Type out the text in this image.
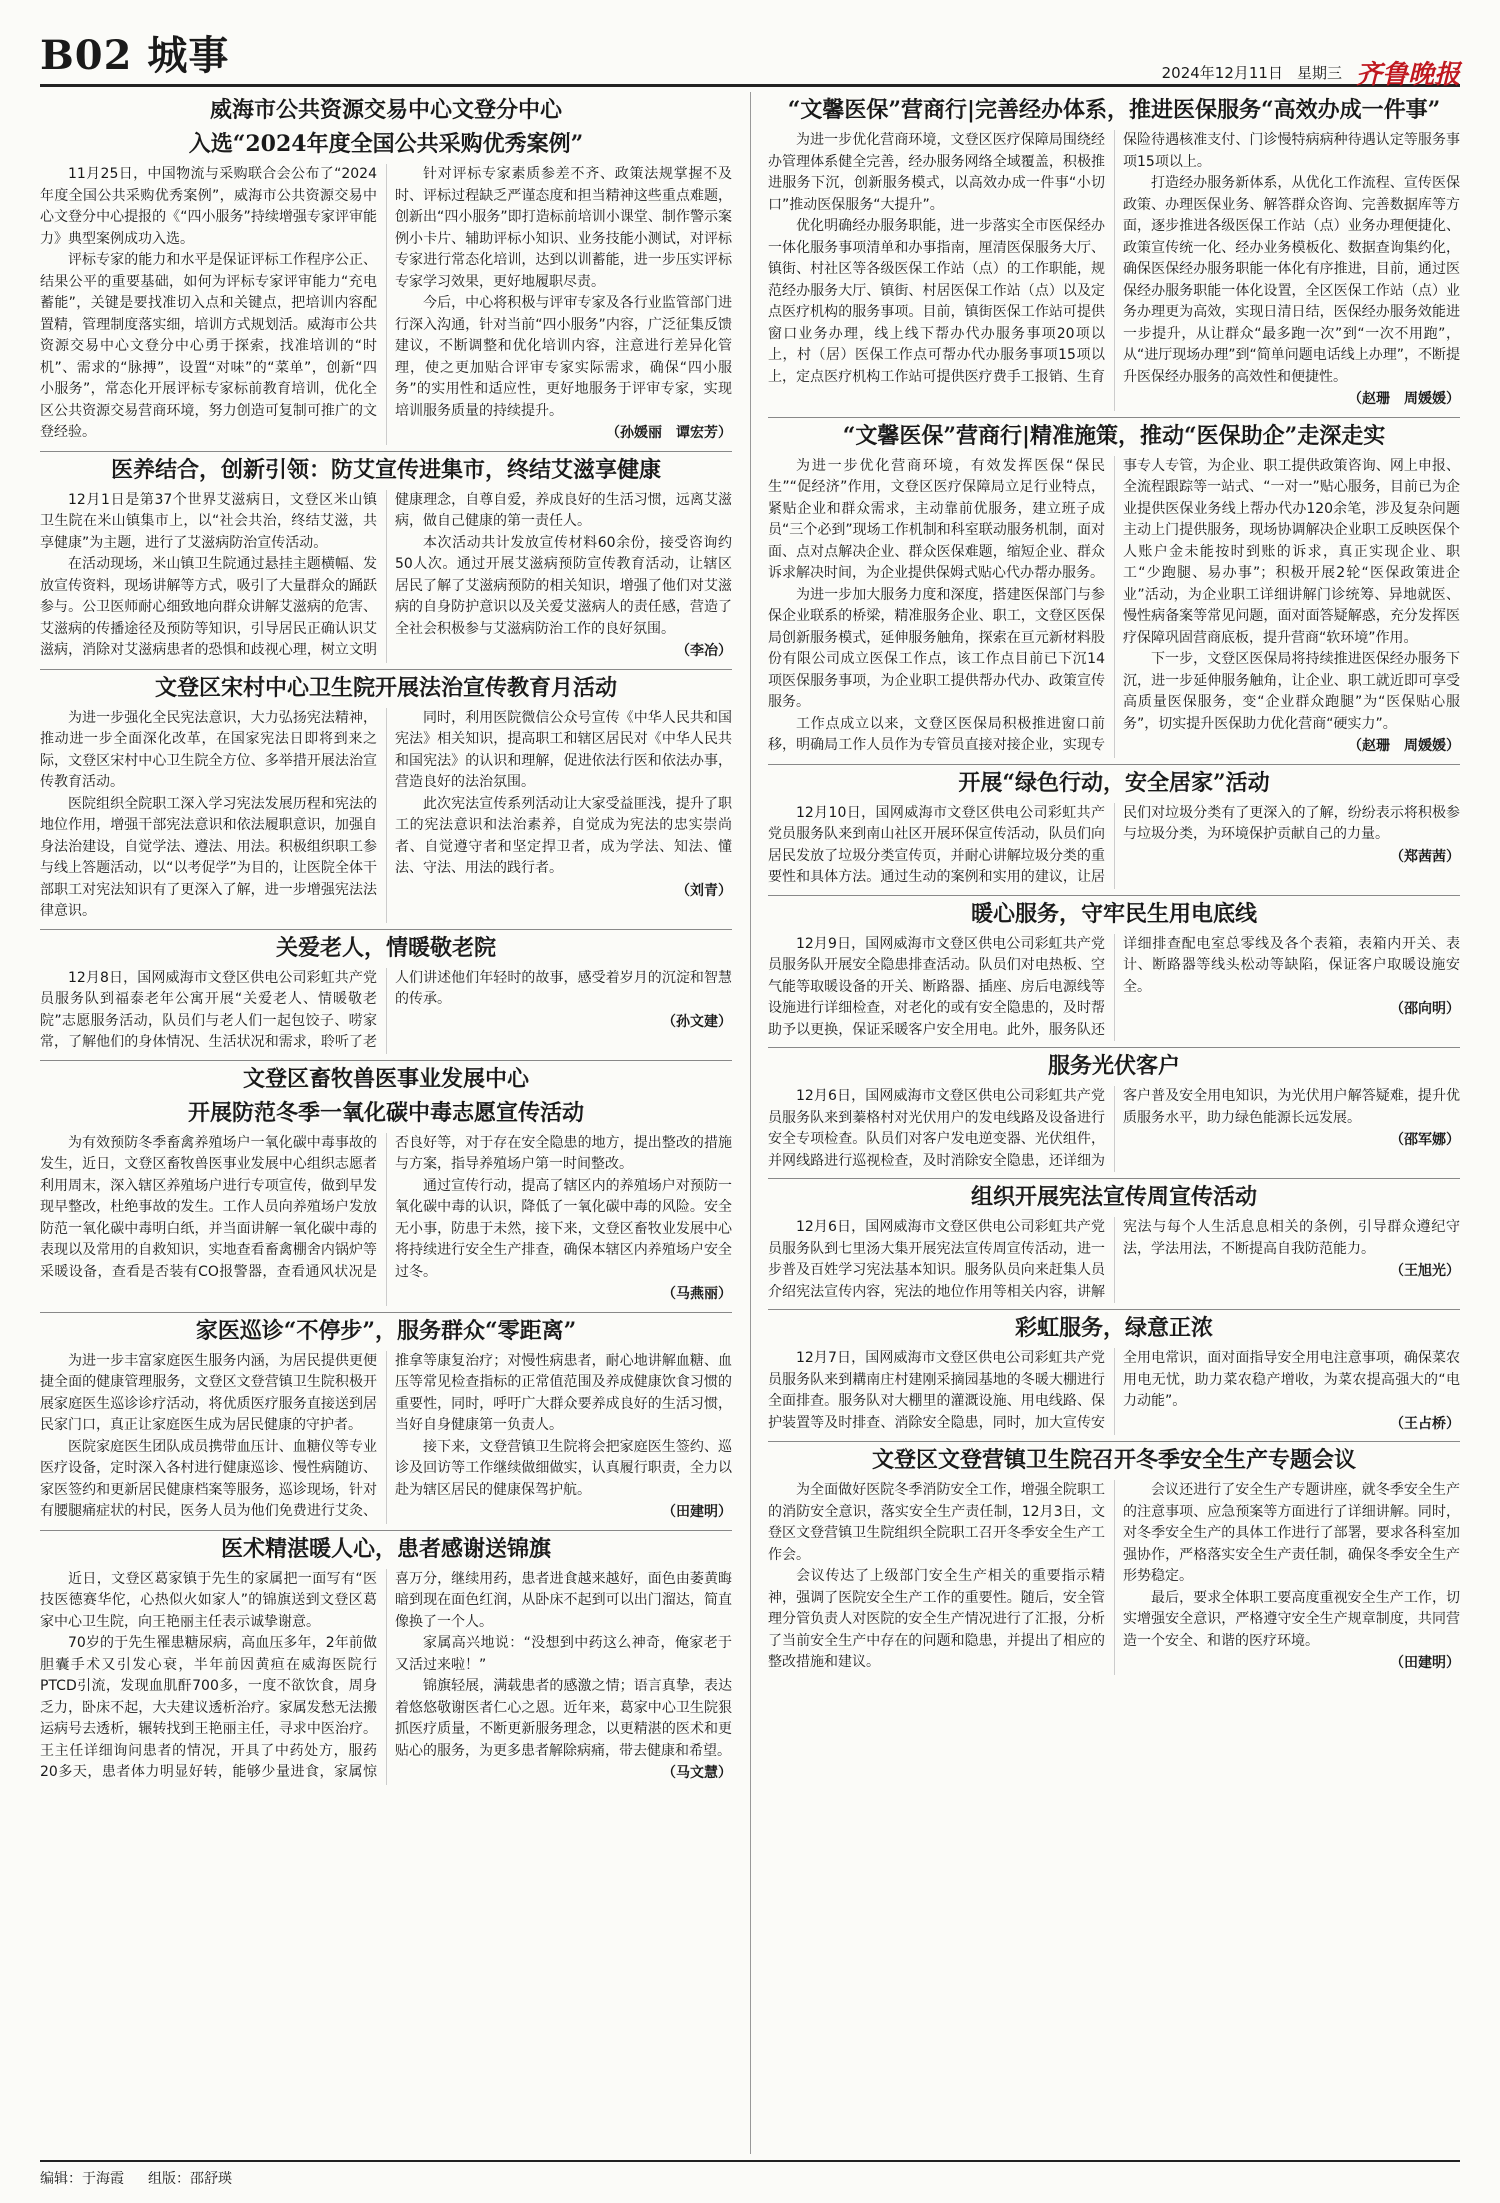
B02 城事	2024年12月11日 星期三 齐鲁晚报
威海市公共资源交易中心文登分中心
入选“2024年度全国公共采购优秀案例”

11月25日，中国物流与采购联合会公布了“2024年度全国公共采购优秀案例”，威海市公共资源交易中心文登分中心提报的《“四小服务”持续增强专家评审能力》典型案例成功入选。

评标专家的能力和水平是保证评标工作程序公正、结果公平的重要基础，如何为评标专家评审能力“充电蓄能”，关键是要找准切入点和关键点，把培训内容配置精，管理制度落实细，培训方式规划活。威海市公共资源交易中心文登分中心勇于探索，找准培训的“时机”、需求的“脉搏”，设置“对味”的“菜单”，创新“四小服务”，常态化开展评标专家标前教育培训，优化全区公共资源交易营商环境，努力创造可复制可推广的文登经验。

针对评标专家素质参差不齐、政策法规掌握不及时、评标过程缺乏严谨态度和担当精神这些重点难题，创新出“四小服务”即打造标前培训小课堂、制作警示案例小卡片、辅助评标小知识、业务技能小测试，对评标专家进行常态化培训，达到以训蓄能，进一步压实评标专家学习效果，更好地履职尽责。

今后，中心将积极与评审专家及各行业监管部门进行深入沟通，针对当前“四小服务”内容，广泛征集反馈建议，不断调整和优化培训内容，注意进行差异化管理，使之更加贴合评审专家实际需求，确保“四小服务”的实用性和适应性，更好地服务于评审专家，实现培训服务质量的持续提升。

（孙媛丽　谭宏芳）
医养结合，创新引领：防艾宣传进集市，终结艾滋享健康

12月1日是第37个世界艾滋病日，文登区米山镇卫生院在米山镇集市上，以“社会共治，终结艾滋，共享健康”为主题，进行了艾滋病防治宣传活动。

在活动现场，米山镇卫生院通过悬挂主题横幅、发放宣传资料，现场讲解等方式，吸引了大量群众的踊跃参与。公卫医师耐心细致地向群众讲解艾滋病的危害、艾滋病的传播途径及预防等知识，引导居民正确认识艾滋病，消除对艾滋病患者的恐惧和歧视心理，树立文明健康理念，自尊自爱，养成良好的生活习惯，远离艾滋病，做自己健康的第一责任人。

本次活动共计发放宣传材料60余份，接受咨询约50人次。通过开展艾滋病预防宣传教育活动，让辖区居民了解了艾滋病预防的相关知识，增强了他们对艾滋病的自身防护意识以及关爱艾滋病人的责任感，营造了全社会积极参与艾滋病防治工作的良好氛围。

（李冶）
文登区宋村中心卫生院开展法治宣传教育月活动

为进一步强化全民宪法意识，大力弘扬宪法精神，推动进一步全面深化改革，在国家宪法日即将到来之际，文登区宋村中心卫生院全方位、多举措开展法治宣传教育活动。

医院组织全院职工深入学习宪法发展历程和宪法的地位作用，增强干部宪法意识和依法履职意识，加强自身法治建设，自觉学法、遵法、用法。积极组织职工参与线上答题活动，以“以考促学”为目的，让医院全体干部职工对宪法知识有了更深入了解，进一步增强宪法法律意识。

同时，利用医院微信公众号宣传《中华人民共和国宪法》相关知识，提高职工和辖区居民对《中华人民共和国宪法》的认识和理解，促进依法行医和依法办事，营造良好的法治氛围。

此次宪法宣传系列活动让大家受益匪浅，提升了职工的宪法意识和法治素养，自觉成为宪法的忠实崇尚者、自觉遵守者和坚定捍卫者，成为学法、知法、懂法、守法、用法的践行者。

（刘青）
关爱老人，情暖敬老院

12月8日，国网威海市文登区供电公司彩虹共产党员服务队到福泰老年公寓开展“关爱老人、情暖敬老院”志愿服务活动，队员们与老人们一起包饺子、唠家常，了解他们的身体情况、生活状况和需求，聆听了老人们讲述他们年轻时的故事，感受着岁月的沉淀和智慧的传承。

（孙文建）
文登区畜牧兽医事业发展中心
开展防范冬季一氧化碳中毒志愿宣传活动

为有效预防冬季畜禽养殖场户一氧化碳中毒事故的发生，近日，文登区畜牧兽医事业发展中心组织志愿者利用周末，深入辖区养殖场户进行专项宣传，做到早发现早整改，杜绝事故的发生。工作人员向养殖场户发放防范一氧化碳中毒明白纸，并当面讲解一氧化碳中毒的表现以及常用的自救知识，实地查看畜禽棚舍内锅炉等采暖设备，查看是否装有CO报警器，查看通风状况是否良好等，对于存在安全隐患的地方，提出整改的措施与方案，指导养殖场户第一时间整改。

通过宣传行动，提高了辖区内的养殖场户对预防一氧化碳中毒的认识，降低了一氧化碳中毒的风险。安全无小事，防患于未然，接下来，文登区畜牧业发展中心将持续进行安全生产排查，确保本辖区内养殖场户安全过冬。

（马燕丽）
家医巡诊“不停步”，服务群众“零距离”

为进一步丰富家庭医生服务内涵，为居民提供更便捷全面的健康管理服务，文登区文登营镇卫生院积极开展家庭医生巡诊诊疗活动，将优质医疗服务直接送到居民家门口，真正让家庭医生成为居民健康的守护者。

医院家庭医生团队成员携带血压计、血糖仪等专业医疗设备，定时深入各村进行健康巡诊、慢性病随访、家医签约和更新居民健康档案等服务，巡诊现场，针对有腰腿痛症状的村民，医务人员为他们免费进行艾灸、推拿等康复治疗；对慢性病患者，耐心地讲解血糖、血压等常见检查指标的正常值范围及养成健康饮食习惯的重要性，同时，呼吁广大群众要养成良好的生活习惯，当好自身健康第一负责人。

接下来，文登营镇卫生院将会把家庭医生签约、巡诊及回访等工作继续做细做实，认真履行职责，全力以赴为辖区居民的健康保驾护航。

（田建明）
医术精湛暖人心，患者感谢送锦旗

近日，文登区葛家镇于先生的家属把一面写有“医技医德赛华佗，心热似火如家人”的锦旗送到文登区葛家中心卫生院，向王艳丽主任表示诚挚谢意。

70岁的于先生罹患糖尿病，高血压多年，2年前做胆囊手术又引发心衰，半年前因黄疸在威海医院行PTCD引流，发现血肌酐700多，一度不欲饮食，周身乏力，卧床不起，大夫建议透析治疗。家属发愁无法搬运病号去透析，辗转找到王艳丽主任，寻求中医治疗。王主任详细询问患者的情况，开具了中药处方，服药20多天，患者体力明显好转，能够少量进食，家属惊喜万分，继续用药，患者进食越来越好，面色由萎黄晦暗到现在面色红润，从卧床不起到可以出门溜达，简直像换了一个人。

家属高兴地说：“没想到中药这么神奇，俺家老于又活过来啦！”

锦旗轻展，满载患者的感激之情；语言真挚，表达着悠悠敬谢医者仁心之恩。近年来，葛家中心卫生院狠抓医疗质量，不断更新服务理念，以更精湛的医术和更贴心的服务，为更多患者解除病痛，带去健康和希望。

（马文慧）
“文馨医保”营商行|完善经办体系，推进医保服务“高效办成一件事”

为进一步优化营商环境，文登区医疗保障局围绕经办管理体系健全完善，经办服务网络全域覆盖，积极推进服务下沉，创新服务模式，以高效办成一件事“小切口”推动医保服务“大提升”。

优化明确经办服务职能，进一步落实全市医保经办一体化服务事项清单和办事指南，厘清医保服务大厅、镇街、村社区等各级医保工作站（点）的工作职能，规范经办服务大厅、镇街、村居医保工作站（点）以及定点医疗机构的服务事项。目前，镇街医保工作站可提供窗口业务办理，线上线下帮办代办服务事项20项以上，村（居）医保工作点可帮办代办服务事项15项以上，定点医疗机构工作站可提供医疗费手工报销、生育保险待遇核准支付、门诊慢特病病种待遇认定等服务事项15项以上。

打造经办服务新体系，从优化工作流程、宣传医保政策、办理医保业务、解答群众咨询、完善数据库等方面，逐步推进各级医保工作站（点）业务办理便捷化、政策宣传统一化、经办业务模板化、数据查询集约化，确保医保经办服务职能一体化有序推进，目前，通过医保经办服务职能一体化设置，全区医保工作站（点）业务办理更为高效，实现日清日结，医保经办服务效能进一步提升，从让群众“最多跑一次”到“一次不用跑”，从“进厅现场办理”到“简单问题电话线上办理”，不断提升医保经办服务的高效性和便捷性。

（赵珊　周媛媛）
“文馨医保”营商行|精准施策，推动“医保助企”走深走实

为进一步优化营商环境，有效发挥医保“保民生”“促经济”作用，文登区医疗保障局立足行业特点，紧贴企业和群众需求，主动靠前优服务，建立班子成员“三个必到”现场工作机制和科室联动服务机制，面对面、点对点解决企业、群众医保难题，缩短企业、群众诉求解决时间，为企业提供保姆式贴心代办帮办服务。

为进一步加大服务力度和深度，搭建医保部门与参保企业联系的桥梁，精准服务企业、职工，文登区医保局创新服务模式，延伸服务触角，探索在亘元新材料股份有限公司成立医保工作点，该工作点目前已下沉14项医保服务事项，为企业职工提供帮办代办、政策宣传服务。

工作点成立以来，文登区医保局积极推进窗口前移，明确局工作人员作为专管员直接对接企业，实现专事专人专管，为企业、职工提供政策咨询、网上申报、全流程跟踪等一站式、“一对一”贴心服务，目前已为企业提供医保业务线上帮办代办120余笔，涉及复杂问题主动上门提供服务，现场协调解决企业职工反映医保个人账户金未能按时到账的诉求，真正实现企业、职工“少跑腿、易办事”；积极开展2轮“医保政策进企业”活动，为企业职工详细讲解门诊统筹、异地就医、慢性病备案等常见问题，面对面答疑解惑，充分发挥医疗保障巩固营商底板，提升营商“软环境”作用。

下一步，文登区医保局将持续推进医保经办服务下沉，进一步延伸服务触角，让企业、职工就近即可享受高质量医保服务，变“企业群众跑腿”为“医保贴心服务”，切实提升医保助力优化营商“硬实力”。

（赵珊　周媛媛）
开展“绿色行动，安全居家”活动

12月10日，国网威海市文登区供电公司彩虹共产党员服务队来到南山社区开展环保宣传活动，队员们向居民发放了垃圾分类宣传页，并耐心讲解垃圾分类的重要性和具体方法。通过生动的案例和实用的建议，让居民们对垃圾分类有了更深入的了解，纷纷表示将积极参与垃圾分类，为环境保护贡献自己的力量。

（郑茜茜）
暖心服务，守牢民生用电底线

12月9日，国网威海市文登区供电公司彩虹共产党员服务队开展安全隐患排查活动。队员们对电热板、空气能等取暖设备的开关、断路器、插座、房后电源线等设施进行详细检查，对老化的或有安全隐患的，及时帮助予以更换，保证采暖客户安全用电。此外，服务队还详细排查配电室总零线及各个表箱，表箱内开关、表计、断路器等线头松动等缺陷，保证客户取暖设施安全。

（邵向明）
服务光伏客户

12月6日，国网威海市文登区供电公司彩虹共产党员服务队来到蓁格村对光伏用户的发电线路及设备进行安全专项检查。队员们对客户发电逆变器、光伏组件，并网线路进行巡视检查，及时消除安全隐患，还详细为客户普及安全用电知识，为光伏用户解答疑难，提升优质服务水平，助力绿色能源长远发展。

（邵军娜）
组织开展宪法宣传周宣传活动

12月6日，国网威海市文登区供电公司彩虹共产党员服务队到七里汤大集开展宪法宣传周宣传活动，进一步普及百姓学习宪法基本知识。服务队员向来赶集人员介绍宪法宣传内容，宪法的地位作用等相关内容，讲解宪法与每个人生活息息相关的条例，引导群众遵纪守法，学法用法，不断提高自我防范能力。

（王旭光）
彩虹服务，绿意正浓

12月7日，国网威海市文登区供电公司彩虹共产党员服务队来到耩南庄村建刚采摘园基地的冬暖大棚进行全面排查。服务队对大棚里的灌溉设施、用电线路、保护装置等及时排查、消除安全隐患，同时，加大宣传安全用电常识，面对面指导安全用电注意事项，确保菜农用电无忧，助力菜农稳产增收，为菜农提高强大的“电力动能”。

（王占桥）
文登区文登营镇卫生院召开冬季安全生产专题会议

为全面做好医院冬季消防安全工作，增强全院职工的消防安全意识，落实安全生产责任制，12月3日，文登区文登营镇卫生院组织全院职工召开冬季安全生产工作会。

会议传达了上级部门安全生产相关的重要指示精神，强调了医院安全生产工作的重要性。随后，安全管理分管负责人对医院的安全生产情况进行了汇报，分析了当前安全生产中存在的问题和隐患，并提出了相应的整改措施和建议。

会议还进行了安全生产专题讲座，就冬季安全生产的注意事项、应急预案等方面进行了详细讲解。同时，对冬季安全生产的具体工作进行了部署，要求各科室加强协作，严格落实安全生产责任制，确保冬季安全生产形势稳定。

最后，要求全体职工要高度重视安全生产工作，切实增强安全意识，严格遵守安全生产规章制度，共同营造一个安全、和谐的医疗环境。

（田建明）
编辑：于海霞 组版：邵舒瑛
